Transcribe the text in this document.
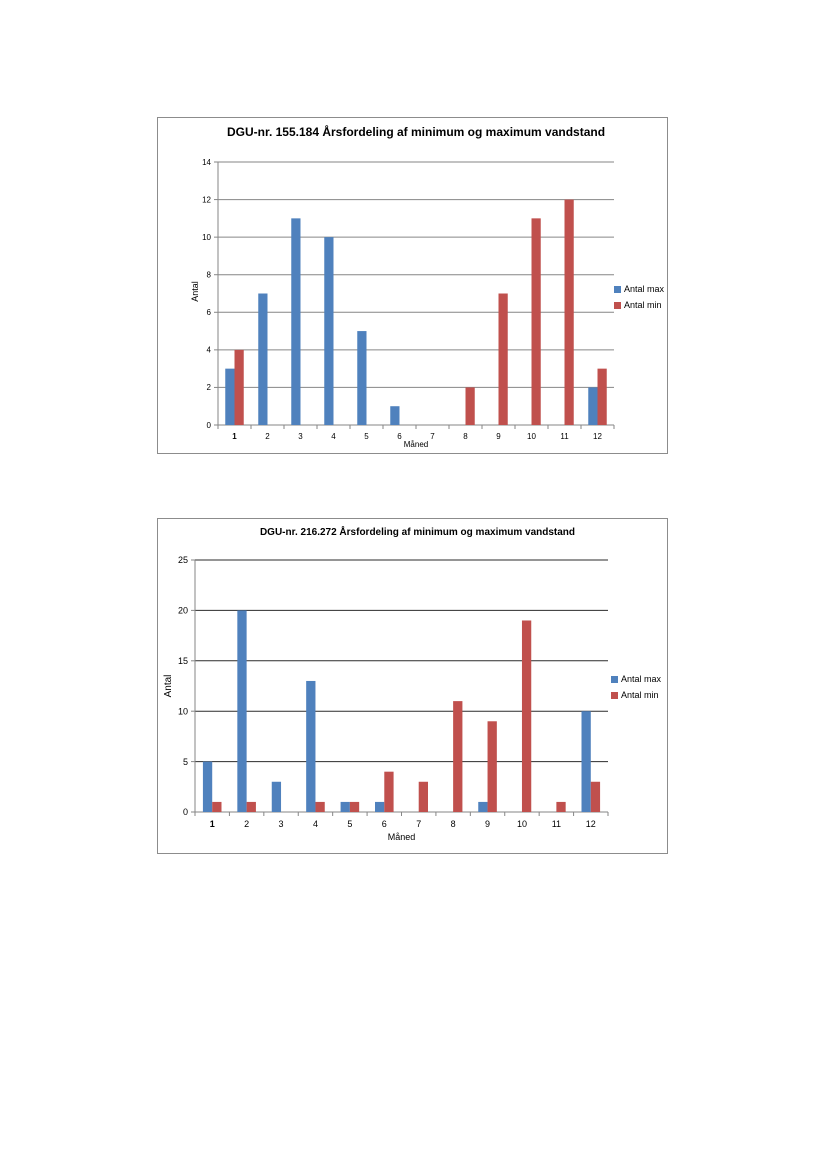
DGU-nr. 155.184 Årsfordeling af minimum og maximum vandstand
0
2
4
6
8
10
12
14
1	2	3	4	5	6	7	8	9	10	11	12
Måned
Antal	Antal max
Antal min
DGU-nr. 216.272 Årsfordeling af minimum og maximum vandstand
0
5
10
15
20
25
1	2	3	4	5	6	7	8	9	10	11	12
Måned
Antal	Antal max
Antal min
